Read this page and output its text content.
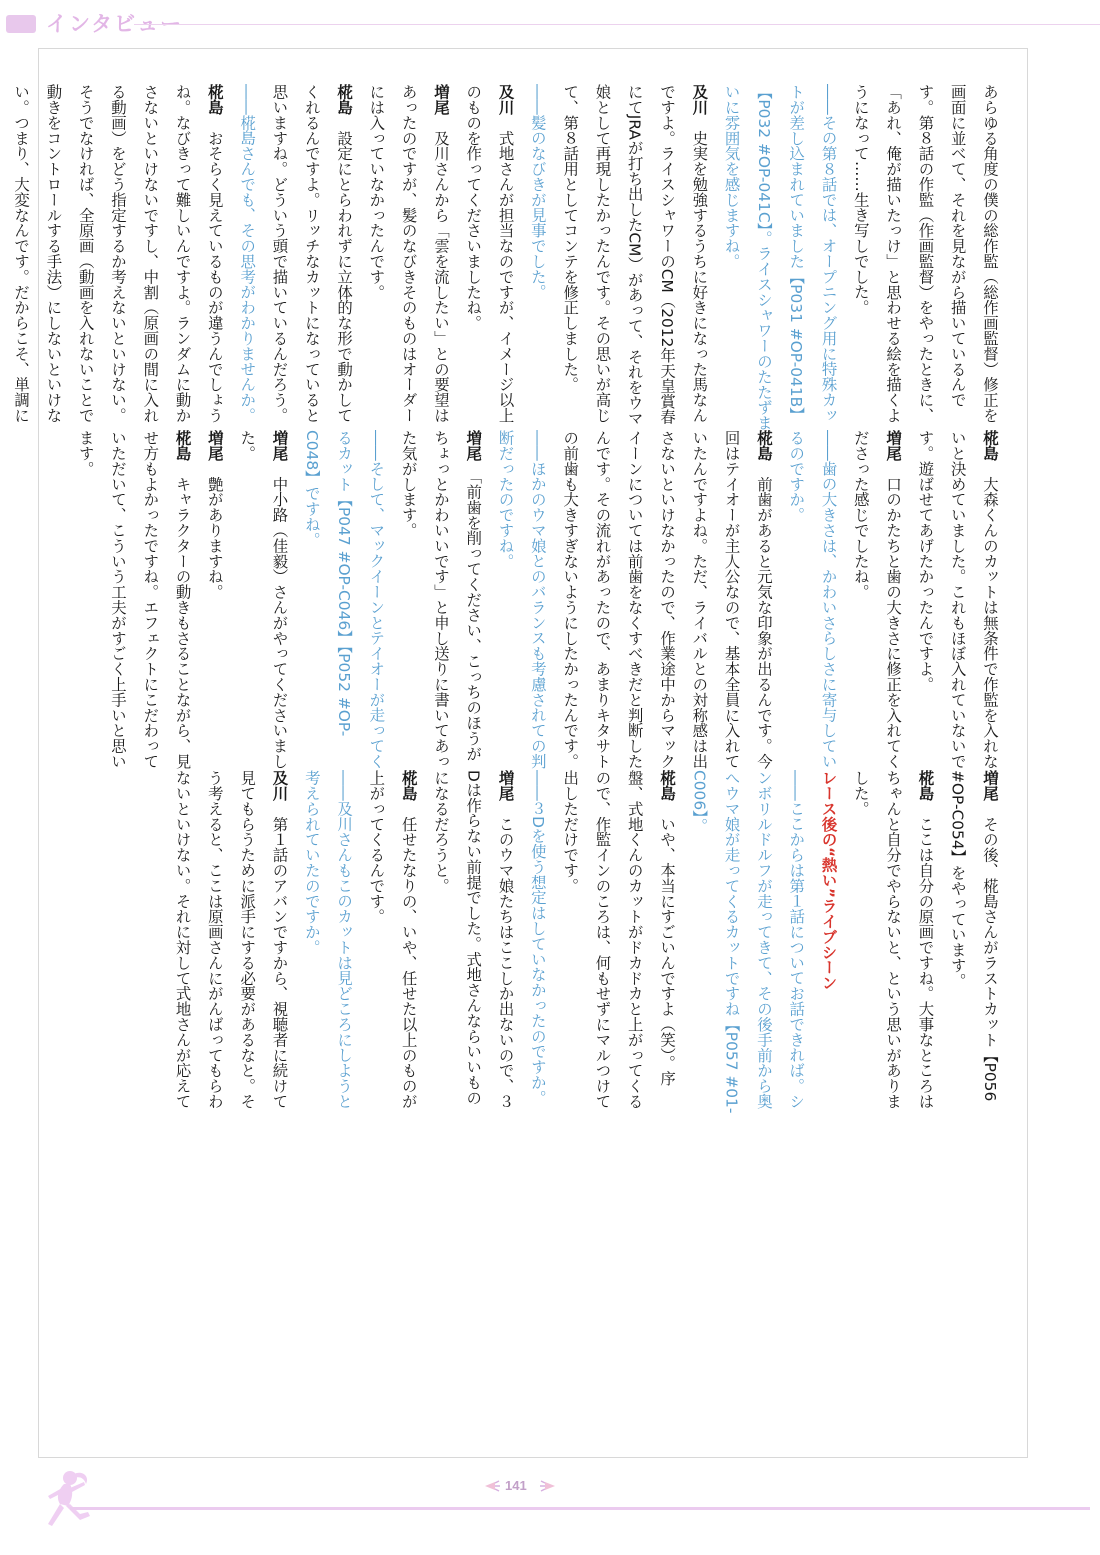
インタビュー

あらゆる角度の僕の総作監（総作画監督）修正を画面に並べて、それを見ながら描いているんです。第８話の作監（作画監督）をやったときに、「あれ、俺が描いたっけ」と思わせる絵を描くようになって……生き写しでした。

――その第８話では、オープニング用に特殊カットが差し込まれていました【P031 #OP-041B】【P032 #OP-041C】。ライスシャワーのたたずまいに雰囲気を感じますね。

及川　史実を勉強するうちに好きになった馬なんですよ。ライスシャワーのCM（2012年天皇賞春にてJRAが打ち出したCM）があって、それをウマ娘として再現したかったんです。その思いが高じて、第８話用としてコンテを修正しました。

――髪のなびきが見事でした。

及川　式地さんが担当なのですが、イメージ以上のものを作ってくださいましたね。

増尾　及川さんから「雲を流したい」との要望はあったのですが、髪のなびきそのものはオーダーには入っていなかったんです。

椛島　設定にとらわれずに立体的な形で動かしてくれるんですよ。リッチなカットになっていると思いますね。どういう頭で描いているんだろう。

――椛島さんでも、その思考がわかりませんか。

椛島　おそらく見えているものが違うんでしょうね。なびきって難しいんですよ。ランダムに動かさないといけないですし、中割（原画の間に入れる動画）をどう指定するか考えないといけない。そうでなければ、全原画（動画を入れないことで動きをコントロールする手法）にしないといけない。つまり、大変なんです。だからこそ、単調に

椛島　大森くんのカットは無条件で作監を入れないと決めていました。これもほぼ入れていないです。遊ばせてあげたかったんですよ。

増尾　口のかたちと歯の大きさに修正を入れてくださった感じでしたね。

――歯の大きさは、かわいさらしさに寄与しているのですか。

椛島　前歯があると元気な印象が出るんです。今回はテイオーが主人公なので、基本全員に入れていたんですよね。ただ、ライバルとの対称感は出さないといけなかったので、作業途中からマックイーンについては前歯をなくすべきだと判断したんです。その流れがあったので、あまりキタサトの前歯も大きすぎないようにしたかったんです。

――ほかのウマ娘とのバランスも考慮されての判断だったのですね。

増尾　「前歯を削ってください、こっちのほうがちょっとかわいいです」と申し送りに書いてあった気がします。

――そして、マックイーンとテイオーが走ってくるカット【P047 #OP-C046】【P052 #OP-C048】ですね。

増尾　中小路（佳毅）さんがやってくださいました。

増尾　艶がありますね。

椛島　キャラクターの動きもさることながら、見せ方もよかったですね。エフェクトにこだわっていただいて、こういう工夫がすごく上手いと思います。

増尾　その後、椛島さんがラストカット【P056 #OP-C054】をやっています。

椛島　ここは自分の原画ですね。大事なところはちゃんと自分でやらないと、という思いがありました。

レース後の“熱い”ライブシーン

――ここからは第１話についてお話できれば。シンボリルドルフが走ってきて、その後手前から奥へウマ娘が走ってくるカットですね【P057 #01-C006】。

椛島　いや、本当にすごいんですよ（笑）。序盤、式地くんのカットがドカドカと上がってくるので、作監インのころは、何もせずにマルつけて出しただけです。

――３Dを使う想定はしていなかったのですか。

増尾　このウマ娘たちはここしか出ないので、３Dは作らない前提でした。式地さんならいいものになるだろうと。

椛島　任せたなりの、いや、任せた以上のものが上がってくるんです。

――及川さんもこのカットは見どころにしようと考えられていたのですか。

及川　第１話のアバンですから、視聴者に続けて見てもらうために派手にする必要があるなと。そう考えると、ここは原画さんにがんばってもらわないといけない。それに対して式地さんが応えて

141
